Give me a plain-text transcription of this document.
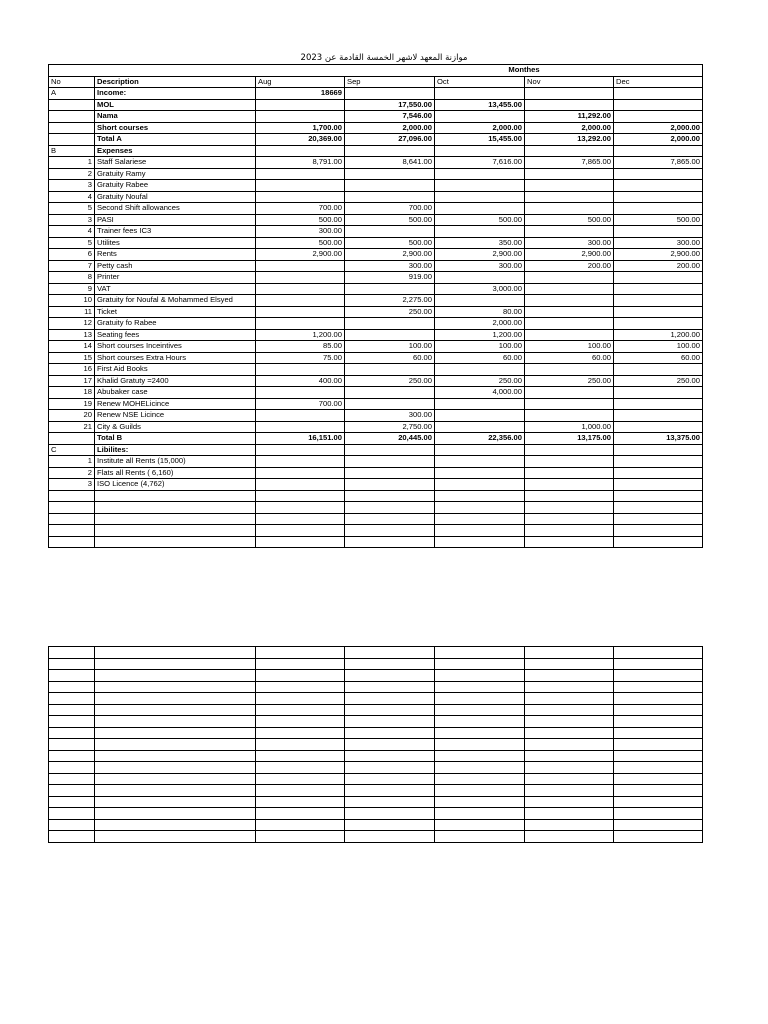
موازنة المعهد لاشهر الخمسة القادمة عن 2023
				Monthes		
No	Description	Aug	Sep	Oct	Nov	Dec
A	Income:	18669				
	MOL		17,550.00	13,455.00		
	Nama		7,546.00		11,292.00	
	Short courses	1,700.00	2,000.00	2,000.00	2,000.00	2,000.00
	Total A	20,369.00	27,096.00	15,455.00	13,292.00	2,000.00
B	Expenses					
1	Staff Salariese	8,791.00	8,641.00	7,616.00	7,865.00	7,865.00
2	Gratuity Ramy					
3	Gratuity Rabee					
4	Gratuity Noufal					
5	Second Shift allowances	700.00	700.00			
3	PASI	500.00	500.00	500.00	500.00	500.00
4	Trainer fees IC3	300.00				
5	Utilites	500.00	500.00	350.00	300.00	300.00
6	Rents	2,900.00	2,900.00	2,900.00	2,900.00	2,900.00
7	Petty cash		300.00	300.00	200.00	200.00
8	Printer		919.00			
9	VAT			3,000.00		
10	Gratuity for Noufal & Mohammed Elsyed		2,275.00			
11	Ticket		250.00	80.00		
12	Gratuity fo Rabee			2,000.00		
13	Seating fees	1,200.00		1,200.00		1,200.00
14	Short courses Inceintives	85.00	100.00	100.00	100.00	100.00
15	Short courses Extra Hours	75.00	60.00	60.00	60.00	60.00
16	First Aid Books					
17	Khalid Gratuty =2400	400.00	250.00	250.00	250.00	250.00
18	Abubaker case			4,000.00		
19	Renew MOHELicince	700.00				
20	Renew NSE Licince		300.00			
21	City & Guilds		2,750.00		1,000.00	
	Total B	16,151.00	20,445.00	22,356.00	13,175.00	13,375.00
C	Libilites:					
1	Institute all Rents (15,000)					
2	Flats all Rents ( 6,160)					
3	ISO Licence (4,762)					
